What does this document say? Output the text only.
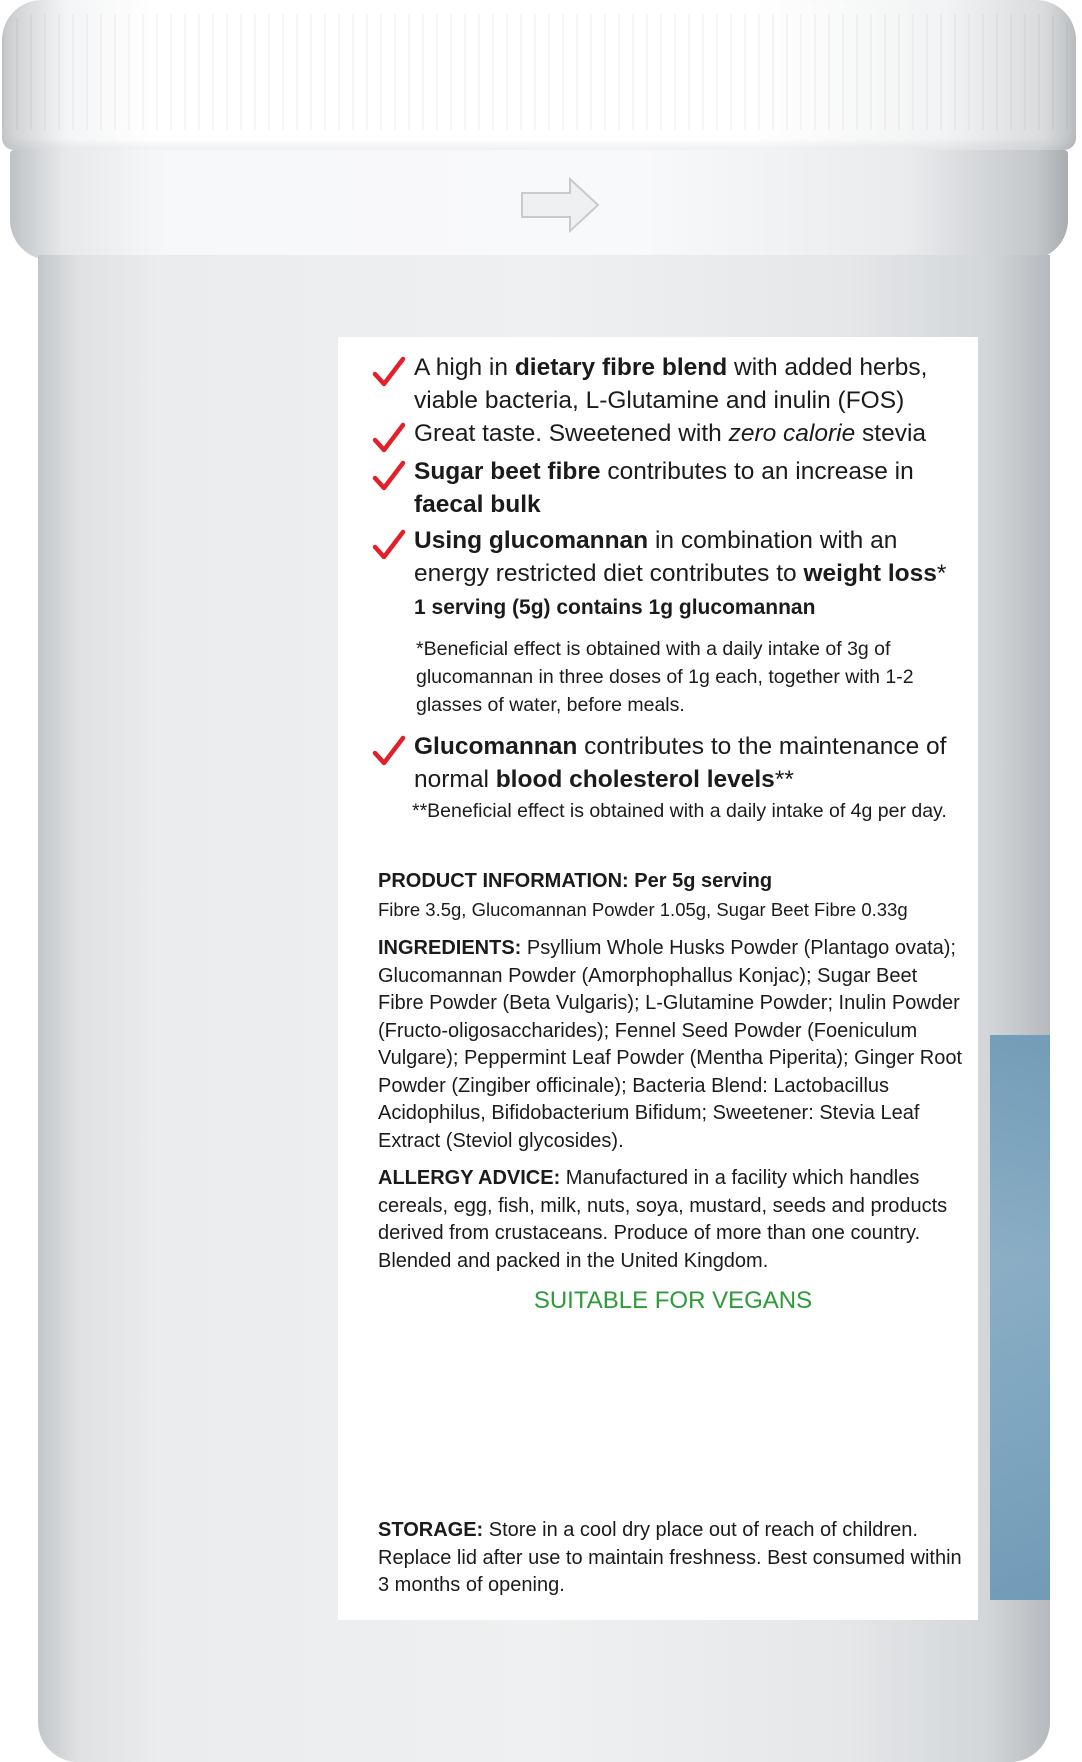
A high in dietary fibre blend with added herbs, viable bacteria, L-Glutamine and inulin (FOS)
Great taste. Sweetened with zero calorie stevia
Sugar beet fibre contributes to an increase in faecal bulk
Using glucomannan in combination with an energy restricted diet contributes to weight loss*
1 serving (5g) contains 1g glucomannan
*Beneficial effect is obtained with a daily intake of 3g of glucomannan in three doses of 1g each, together with 1-2 glasses of water, before meals.
Glucomannan contributes to the maintenance of normal blood cholesterol levels**
**Beneficial effect is obtained with a daily intake of 4g per day.
PRODUCT INFORMATION: Per 5g serving
Fibre 3.5g, Glucomannan Powder 1.05g, Sugar Beet Fibre 0.33g
INGREDIENTS: Psyllium Whole Husks Powder (Plantago ovata); Glucomannan Powder (Amorphophallus Konjac); Sugar Beet Fibre Powder (Beta Vulgaris); L-Glutamine Powder; Inulin Powder (Fructo-oligosaccharides); Fennel Seed Powder (Foeniculum Vulgare); Peppermint Leaf Powder (Mentha Piperita); Ginger Root Powder (Zingiber officinale); Bacteria Blend: Lactobacillus Acidophilus, Bifidobacterium Bifidum; Sweetener: Stevia Leaf Extract (Steviol glycosides).
ALLERGY ADVICE: Manufactured in a facility which handles cereals, egg, fish, milk, nuts, soya, mustard, seeds and products derived from crustaceans. Produce of more than one country. Blended and packed in the United Kingdom.
SUITABLE FOR VEGANS
STORAGE: Store in a cool dry place out of reach of children. Replace lid after use to maintain freshness. Best consumed within 3 months of opening.
